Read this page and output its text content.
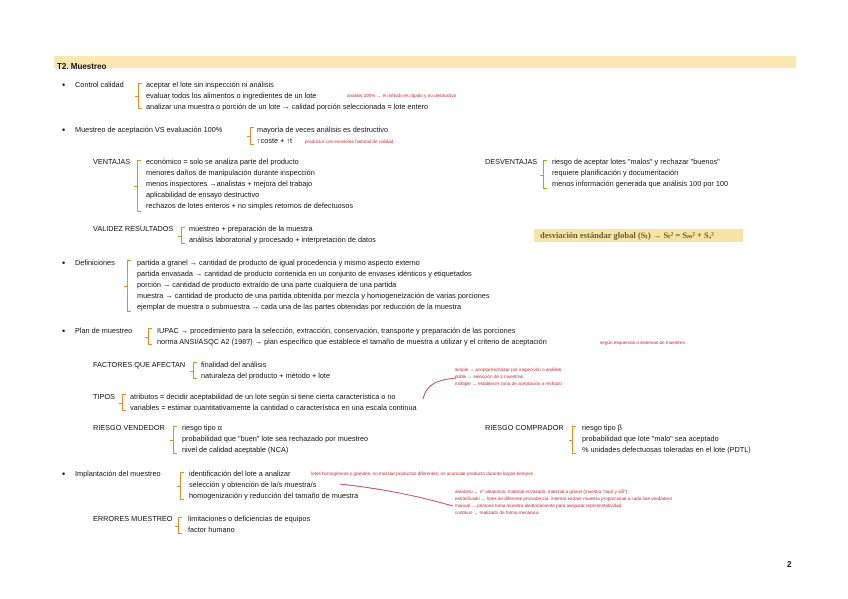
T2. Muestreo
• Control calidad	aceptar el lote sin inspección ni análisis
evaluar todos los alimentos o ingredientes de un lote	análisis 100% → el método es rápido y no destructivo
analizar una muestra o porción de un lote → calidad porción seleccionada = lote entero
• Muestreo de aceptación VS evaluación 100%	mayoría de veces análisis es destructivo
↑coste + ↑t	productor con excelente historial de calidad
VENTAJAS económico = solo se analiza parte del producto
menores daños de manipulación durante inspección
menos inspectores →analistas + mejora del trabajo
aplicabilidad de ensayo destructivo
rechazos de lotes enteros + no simples retornos de defectuosos
DESVENTAJAS riesgo de aceptar lotes "malos" y rechazar "buenos"
requiere planificación y documentación
menos información generada que análisis 100 por 100
VALIDEZ RESULTADOS muestreo + preparación de la muestra
análisis laboratorial y procesado + interpretación de datos	desviación estándar global (Sₜ) → Sₜ² = Sₘ² + Sₐ²
• Definiciones	partida a granel → cantidad de producto de igual procedencia y mismo aspecto externo
partida envasada → cantidad de producto contenida en un conjunto de envases idénticos y etiquetados
porción → cantidad de producto extraído de una parte cualquiera de una partida
muestra → cantidad de producto de una partida obtenida por mezcla y homogeneización de varias porciones
ejemplar de muestra o submuestra → cada una de las partes obtenidas por reducción de la muestra
• Plan de muestreo	IUPAC → procedimiento para la selección, extracción, conservación, transporte y preparación de las porciones
norma ANSI/ASQC A2 (1987) → plan específico que establece el tamaño de muestra a utilizar y el criterio de aceptación	según esquemas o sistemas de muestreo
FACTORES QUE AFECTAN finalidad del análisis
naturaleza del producto + método + lote
TIPOS atributos = decidir aceptabilidad de un lote según si tiene cierta característica o no
variables = estimar cuantitativamente la cantidad o característica en una escala continua
simple → aceptar/rechazar por inspección o análisis
doble → selección de 2 muestras
múltiple → establecer zona de aceptación o rechazo
RIESGO VENDEDOR riesgo tipo α
probabilidad que "buen" lote sea rechazado por muestreo
nivel de calidad aceptable (NCA)
RIESGO COMPRADOR	riesgo tipo β
probabilidad que lote "malo" sea aceptado
% unidades defectuosas toleradas en el lote (PDTL)
• Implantación del muestreo	identificación del lote a analizar	lotes homogéneos y grandes, no mezclar productos diferentes, no acumular producto durante largos tiempos
selección y obtención de la/s muestra/s
homogenización y reducción del tamaño de muestra	aleatorio → nº aleatorios, material envasado, material a granel (muestra "aquí y allí")
estratificado → lotes de diferente procedencia, intentar extraer muestra proporcional a cada lote verdadero
manual → persona toma muestra aleatoriamente para asegurar representatividad
continuo → realizado de forma mecánica
ERRORES MUESTREO limitaciones o deficiencias de equipos
factor humano
2
